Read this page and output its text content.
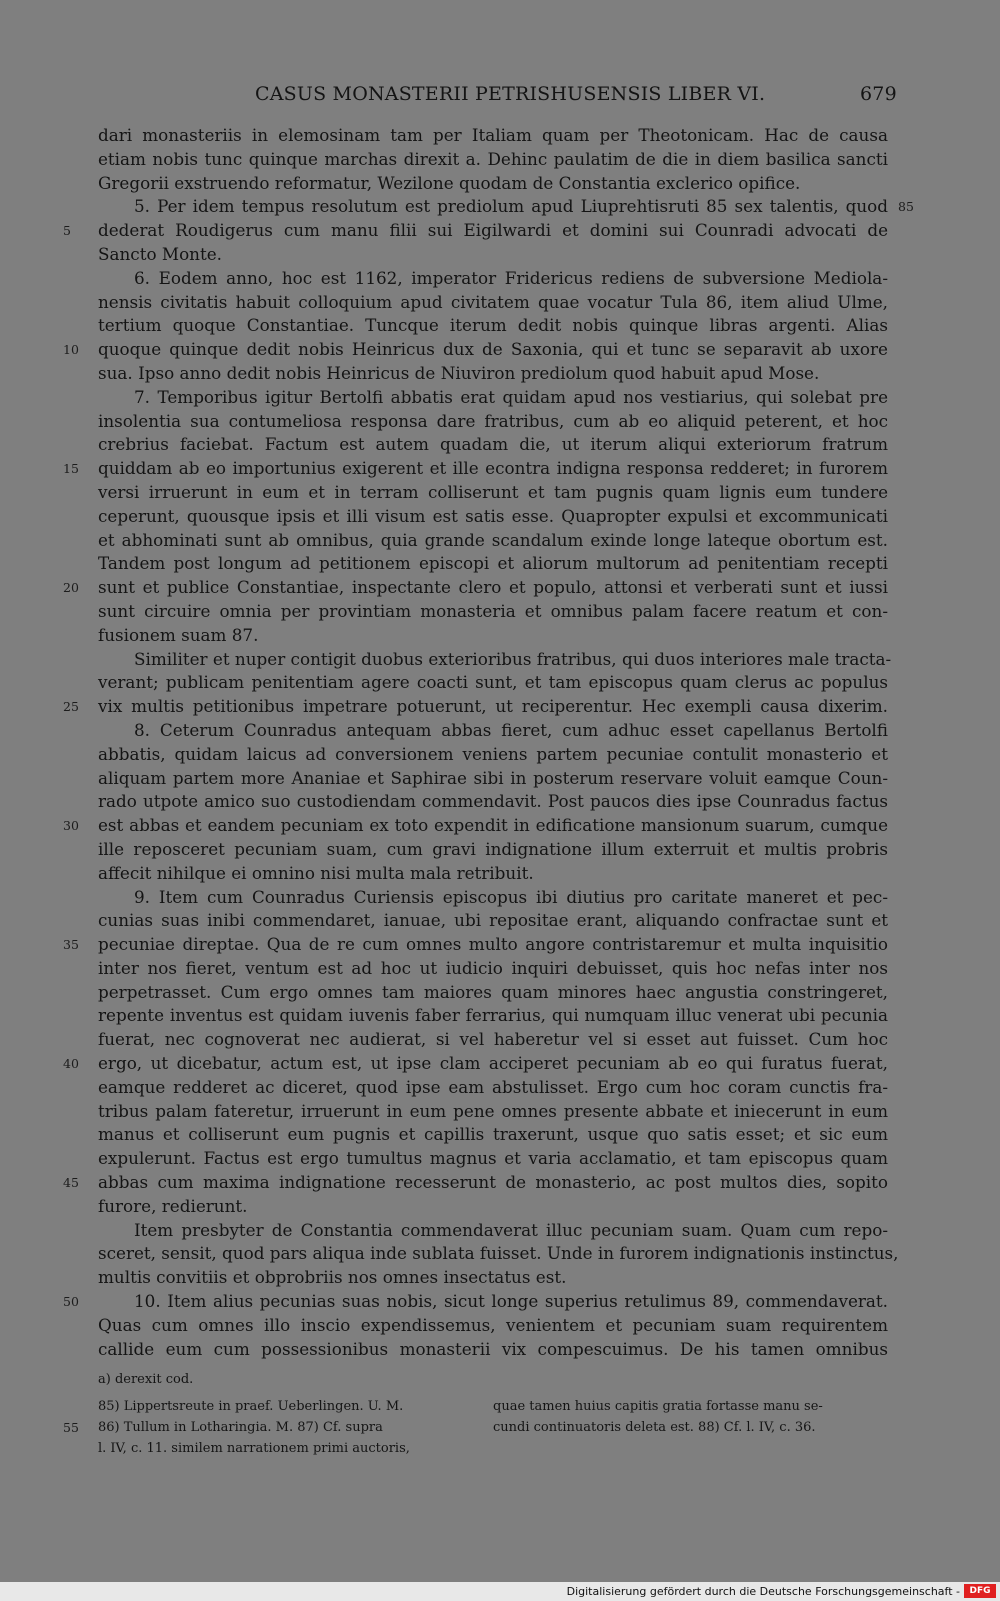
CASUS MONASTERII PETRISHUSENSIS LIBER VI.	679
dari monasteriis in elemosinam tam per Italiam quam per Theotonicam. Hac de causa
etiam nobis tunc quinque marchas direxit a. Dehinc paulatim de die in diem basilica sancti
Gregorii exstruendo reformatur, Wezilone quodam de Constantia exclerico opifice.
5. Per idem tempus resolutum est prediolum apud Liuprehtisruti 85 sex talentis, quod
dederat Roudigerus cum manu filii sui Eigilwardi et domini sui Counradi advocati de
Sancto Monte.
6. Eodem anno, hoc est 1162, imperator Fridericus rediens de subversione Mediola-
nensis civitatis habuit colloquium apud civitatem quae vocatur Tula 86, item aliud Ulme,
tertium quoque Constantiae. Tuncque iterum dedit nobis quinque libras argenti. Alias
quoque quinque dedit nobis Heinricus dux de Saxonia, qui et tunc se separavit ab uxore
sua. Ipso anno dedit nobis Heinricus de Niuviron prediolum quod habuit apud Mose.
7. Temporibus igitur Bertolfi abbatis erat quidam apud nos vestiarius, qui solebat pre
insolentia sua contumeliosa responsa dare fratribus, cum ab eo aliquid peterent, et hoc
crebrius faciebat. Factum est autem quadam die, ut iterum aliqui exteriorum fratrum
quiddam ab eo importunius exigerent et ille econtra indigna responsa redderet; in furorem
versi irruerunt in eum et in terram colliserunt et tam pugnis quam lignis eum tundere
ceperunt, quousque ipsis et illi visum est satis esse. Quapropter expulsi et excommunicati
et abhominati sunt ab omnibus, quia grande scandalum exinde longe lateque obortum est.
Tandem post longum ad petitionem episcopi et aliorum multorum ad penitentiam recepti
sunt et publice Constantiae, inspectante clero et populo, attonsi et verberati sunt et iussi
sunt circuire omnia per provintiam monasteria et omnibus palam facere reatum et con-
fusionem suam 87.
Similiter et nuper contigit duobus exterioribus fratribus, qui duos interiores male tracta-
verant; publicam penitentiam agere coacti sunt, et tam episcopus quam clerus ac populus
vix multis petitionibus impetrare potuerunt, ut reciperentur. Hec exempli causa dixerim.
8. Ceterum Counradus antequam abbas fieret, cum adhuc esset capellanus Bertolfi
abbatis, quidam laicus ad conversionem veniens partem pecuniae contulit monasterio et
aliquam partem more Ananiae et Saphirae sibi in posterum reservare voluit eamque Coun-
rado utpote amico suo custodiendam commendavit. Post paucos dies ipse Counradus factus
est abbas et eandem pecuniam ex toto expendit in edificatione mansionum suarum, cumque
ille reposceret pecuniam suam, cum gravi indignatione illum exterruit et multis probris
affecit nihilque ei omnino nisi multa mala retribuit.
9. Item cum Counradus Curiensis episcopus ibi diutius pro caritate maneret et pec-
cunias suas inibi commendaret, ianuae, ubi repositae erant, aliquando confractae sunt et
pecuniae direptae. Qua de re cum omnes multo angore contristaremur et multa inquisitio
inter nos fieret, ventum est ad hoc ut iudicio inquiri debuisset, quis hoc nefas inter nos
perpetrasset. Cum ergo omnes tam maiores quam minores haec angustia constringeret,
repente inventus est quidam iuvenis faber ferrarius, qui numquam illuc venerat ubi pecunia
fuerat, nec cognoverat nec audierat, si vel haberetur vel si esset aut fuisset. Cum hoc
ergo, ut dicebatur, actum est, ut ipse clam acciperet pecuniam ab eo qui furatus fuerat,
eamque redderet ac diceret, quod ipse eam abstulisset. Ergo cum hoc coram cunctis fra-
tribus palam fateretur, irruerunt in eum pene omnes presente abbate et iniecerunt in eum
manus et colliserunt eum pugnis et capillis traxerunt, usque quo satis esset; et sic eum
expulerunt. Factus est ergo tumultus magnus et varia acclamatio, et tam episcopus quam
abbas cum maxima indignatione recesserunt de monasterio, ac post multos dies, sopito
furore, redierunt.
Item presbyter de Constantia commendaverat illuc pecuniam suam. Quam cum repo-
sceret, sensit, quod pars aliqua inde sublata fuisset. Unde in furorem indignationis instinctus,
multis convitiis et obprobriis nos omnes insectatus est.
10. Item alius pecunias suas nobis, sicut longe superius retulimus 89, commendaverat.
Quas cum omnes illo inscio expendissemus, venientem et pecuniam suam requirentem
callide eum cum possessionibus monasterii vix compescuimus. De his tamen omnibus
5
10
15
20
25
30
35
40
45
50
85
a) derexit cod.
85) Lippertsreute in praef. Ueberlingen. U. M.	quae tamen huius capitis gratia fortasse manu se-
86) Tullum in Lotharingia. M. 87) Cf. supra	cundi continuatoris deleta est. 88) Cf. l. IV, c. 36.
l. IV, c. 11. similem narrationem primi auctoris,
55
Digitalisierung gefördert durch die Deutsche Forschungsgemeinschaft -	DFG
